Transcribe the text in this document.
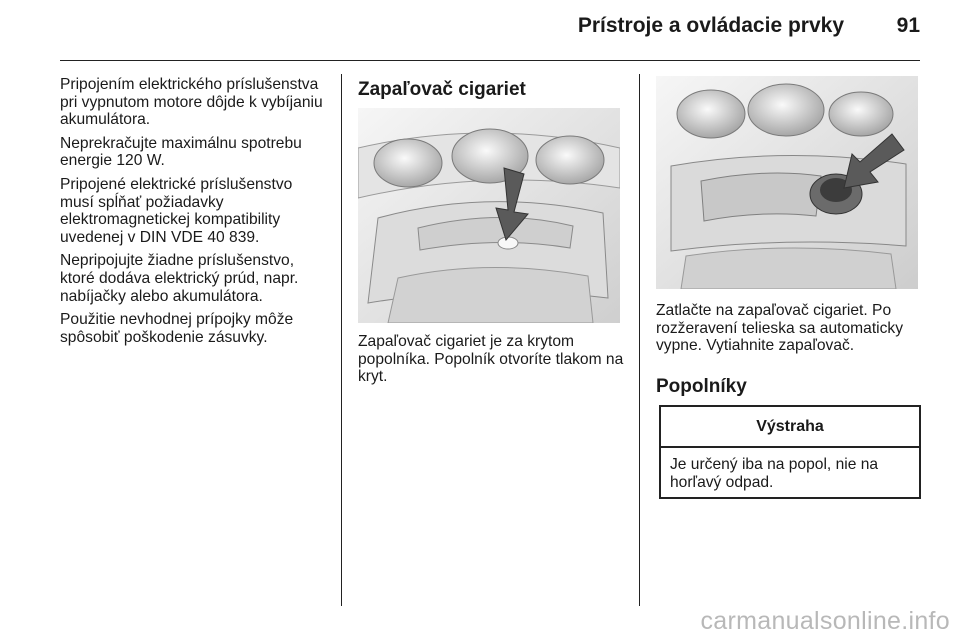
Prístroje a ovládacie prvky	91

Pripojením elektrického príslušenstva pri vypnutom motore dôjde k vybíjaniu akumulátora.

Neprekračujte maximálnu spotrebu energie 120 W.

Pripojené elektrické príslušenstvo musí spĺňať požiadavky elektromagnetickej kompatibility uvedenej v DIN VDE 40 839.

Nepripojujte žiadne príslušenstvo, ktoré dodáva elektrický prúd, napr. nabíjačky alebo akumulátora.

Použitie nevhodnej prípojky môže spôsobiť poškodenie zásuvky.

Zapaľovač cigariet

Zapaľovač cigariet je za krytom popolníka. Popolník otvoríte tlakom na kryt.

Zatlačte na zapaľovač cigariet. Po rozžeravení telieska sa automaticky vypne. Vytiahnite zapaľovač.

Popolníky
Výstraha
Je určený iba na popol, nie na horľavý odpad.
carmanualsonline.info
